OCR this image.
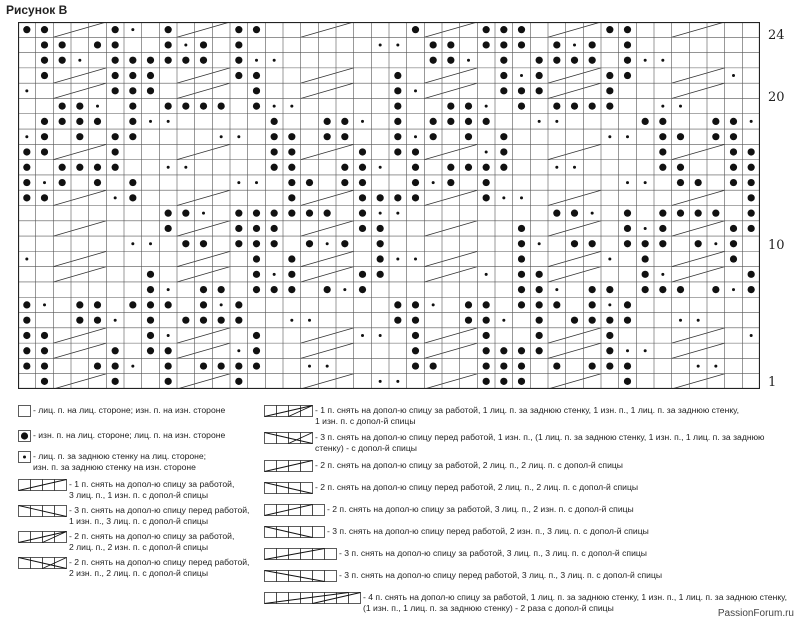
Рисунок В
24
20
10
1
- лиц. п. на лиц. стороне; изн. п. на изн. стороне
- изн. п. на лиц. стороне; лиц. п. на изн. стороне
- лиц. п. за заднюю стенку на лиц. стороне;
изн. п. за заднюю стенку на изн. стороне
- 1 п. снять на допол-ю спицу за работой,
3 лиц. п., 1 изн. п. с допол-й спицы
- 3 п. снять на допол-ю спицу перед работой,
1 изн. п., 3 лиц. п. с допол-й спицы
- 2 п. снять на допол-ю спицу за работой,
2 лиц. п., 2 изн. п. с допол-й спицы
- 2 п. снять на допол-ю спицу перед работой,
2 изн. п., 2 лиц. п. с допол-й спицы
- 1 п. снять на допол-ю спицу за работой, 1 лиц. п. за заднюю стенку, 1 изн. п., 1 лиц. п. за заднюю стенку,
1 изн. п. с допол-й спицы
- 3 п. снять на допол-ю спицу перед работой, 1 изн. п., (1 лиц. п. за заднюю стенку, 1 изн. п., 1 лиц. п. за заднюю
стенку) - с допол-й спицы
- 2 п. снять на допол-ю спицу за работой, 2 лиц. п., 2 лиц. п. с допол-й спицы
- 2 п. снять на допол-ю спицу перед работой, 2 лиц. п., 2 лиц. п. с допол-й спицы
- 2 п. снять на допол-ю спицу за работой, 3 лиц. п., 2 изн. п. с допол-й спицы
- 3 п. снять на допол-ю спицу перед работой, 2 изн. п., 3 лиц. п. с допол-й спицы
- 3 п. снять на допол-ю спицу за работой, 3 лиц. п., 3 лиц. п. с допол-й спицы
- 3 п. снять на допол-ю спицу перед работой, 3 лиц. п., 3 лиц. п. с допол-й спицы
- 4 п. снять на допол-ю спицу за работой, 1 лиц. п. за заднюю стенку, 1 изн. п., 1 лиц. п. за заднюю стенку,
(1 изн. п., 1 лиц. п. за заднюю стенку) - 2 раза с допол-й спицы
PassionForum.ru
